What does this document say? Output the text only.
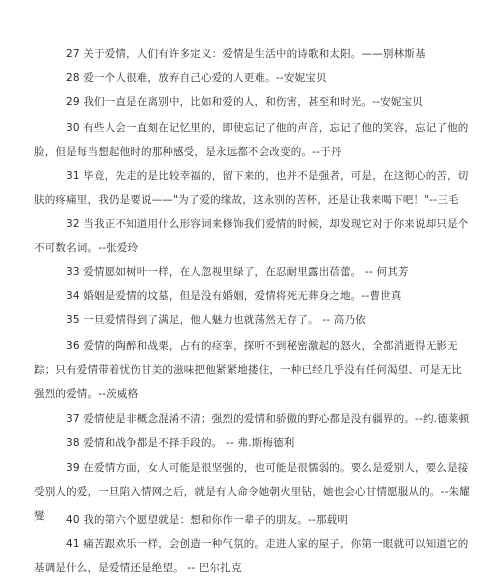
27 关于爱情，人们有许多定义：爱情是生活中的诗歌和太阳。——别林斯基
28 爱一个人很难，放弃自己心爱的人更难。--安妮宝贝
29 我们一直是在离别中，比如和爱的人，和伤害，甚至和时光。--安妮宝贝
30 有些人会一直刻在记忆里的，即使忘记了他的声音，忘记了他的笑容，忘记了他的脸，但是每当想起他时的那种感受，是永远都不会改变的。--于丹
31 毕竟，先走的是比较幸福的，留下来的，也并不是强者，可是，在这彻心的苦，切肤的疼痛里，我仍是要说——"为了爱的缘故，这永别的苦杯，还是让我来喝下吧！"--三毛
32 当我正不知道用什么形容词来修饰我们爱情的时候，却发现它对于你来说却只是个不可数名词。--张爱玲
33 爱情愿如树叶一样，在人忽视里绿了，在忍耐里露出蓓蕾。 -- 何其芳
34 婚姻是爱情的坟墓，但是没有婚姻，爱情将死无葬身之地。--曹世真
35 一旦爱情得到了满足，他人魅力也就荡然无存了。 -- 高乃依
36 爱情的陶醉和战栗，占有的痉挛，探听不到秘密激起的怒火，全都消逝得无影无踪；只有爱情带着忧伤甘美的滋味把他紧紧地搂住，一种已经几乎没有任何渴望、可是无比强烈的爱情。--茨威格
37 爱情使是非概念混淆不清；强烈的爱情和骄傲的野心都是没有疆界的。--约.德莱顿
38 爱情和战争都是不择手段的。 -- 弗.斯梅德利
39 在爱情方面，女人可能是很坚强的，也可能是很懦弱的。要么是爱别人，要么是接受别人的爱，一旦陷入情网之后，就是有人命令她朝火里钻，她也会心甘情愿服从的。--朱耀燮	40 我的第六个愿望就是：想和你作一辈子的朋友。--那载明
41 痛苦跟欢乐一样，会创造一种气氛的。走进人家的屋子，你第一眼就可以知道它的基调是什么，是爱情还是绝望。 -- 巴尔扎克
